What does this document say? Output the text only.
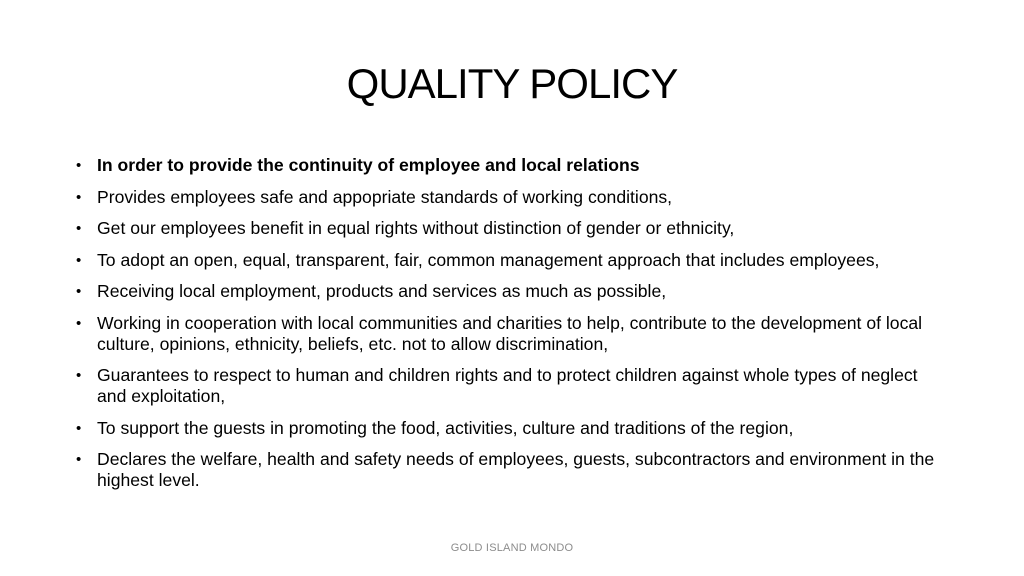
QUALITY POLICY
• In order to provide the continuity of employee and local relations
• Provides employees safe and appopriate standards of working conditions,
• Get our employees benefit in equal rights without distinction of gender or ethnicity,
• To adopt an open, equal, transparent, fair, common management approach that includes employees,
• Receiving local employment, products and services as much as possible,
• Working in cooperation with local communities and charities to help, contribute to the development of local culture, opinions, ethnicity, beliefs, etc. not to allow discrimination,
• Guarantees to respect to human and children rights and to protect children against whole types of neglect and exploitation,
• To support the guests in promoting the food, activities, culture and traditions of the region,
• Declares the welfare, health and safety needs of employees, guests, subcontractors and environment in the highest level.
GOLD ISLAND MONDO
